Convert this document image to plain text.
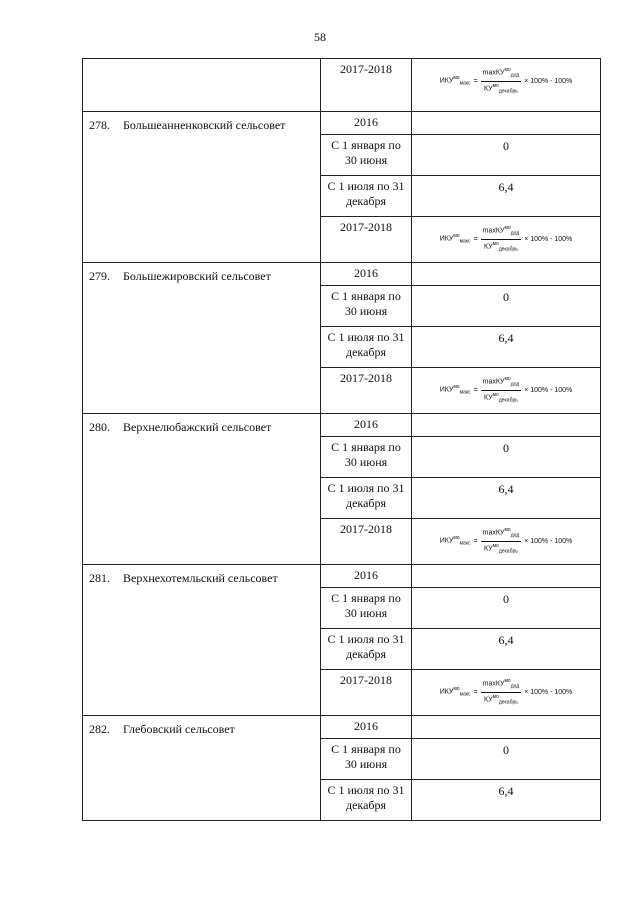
58

	2017-2018	$ИКУ^{мо}_{макс} = \frac{\max КУ^{мо}_{дод}}{КУ^{мо}_{декабрь}} \times 100\% - 100\%$

278. Большеанненковский сельсовет	2016	

	С 1 января по 30 июня	0

	С 1 июля по 31 декабря	6,4

	2017-2018	$ИКУ^{мо}_{макс} = \frac{\max КУ^{мо}_{дод}}{КУ^{мо}_{декабрь}} \times 100\% - 100\%$

279. Большежировский сельсовет	2016	

	С 1 января по 30 июня	0

	С 1 июля по 31 декабря	6,4

	2017-2018	$ИКУ^{мо}_{макс} = \frac{\max КУ^{мо}_{дод}}{КУ^{мо}_{декабрь}} \times 100\% - 100\%$

280. Верхнелюбажский сельсовет	2016	

	С 1 января по 30 июня	0

	С 1 июля по 31 декабря	6,4

	2017-2018	$ИКУ^{мо}_{макс} = \frac{\max КУ^{мо}_{дод}}{КУ^{мо}_{декабрь}} \times 100\% - 100\%$

281. Верхнехотемльский сельсовет	2016	

	С 1 января по 30 июня	0

	С 1 июля по 31 декабря	6,4

	2017-2018	$ИКУ^{мо}_{макс} = \frac{\max КУ^{мо}_{дод}}{КУ^{мо}_{декабрь}} \times 100\% - 100\%$

282. Глебовский сельсовет	2016	

	С 1 января по 30 июня	0

	С 1 июля по 31 декабря	6,4
